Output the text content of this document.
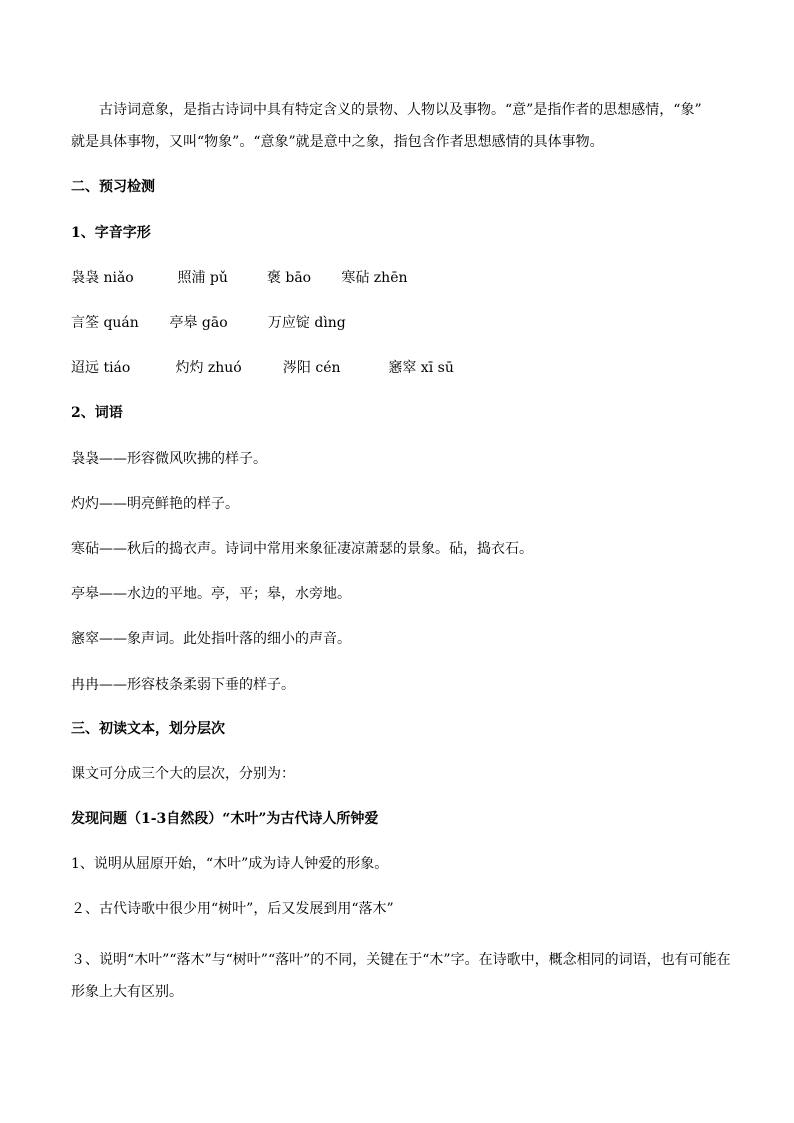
古诗词意象，是指古诗词中具有特定含义的景物、人物以及事物。“意”是指作者的思想感情，“象”
就是具体事物，又叫“物象”。“意象”就是意中之象，指包含作者思想感情的具体事物。
二、预习检测
1、字音字形
袅袅 niǎo	照浦 pǔ	褒 bāo 寒砧 zhēn
言筌 quán 亭皋 gāo	万应锭 dìng
迢远 tiáo	灼灼 zhuó	涔阳 cén	窸窣 xī sū
2、词语
袅袅——形容微风吹拂的样子。
灼灼——明亮鲜艳的样子。
寒砧——秋后的捣衣声。诗词中常用来象征凄凉萧瑟的景象。砧，捣衣石。
亭皋——水边的平地。亭，平；皋，水旁地。
窸窣——象声词。此处指叶落的细小的声音。
冉冉——形容枝条柔弱下垂的样子。
三、初读文本，划分层次
课文可分成三个大的层次，分别为：
发现问题（1-3自然段）“木叶”为古代诗人所钟爱
1、说明从屈原开始，“木叶”成为诗人钟爱的形象。
２、古代诗歌中很少用“树叶”，后又发展到用“落木”
３、说明“木叶”“落木”与“树叶”“落叶”的不同，关键在于“木”字。在诗歌中，概念相同的词语，也有可能在形象上大有区别。
